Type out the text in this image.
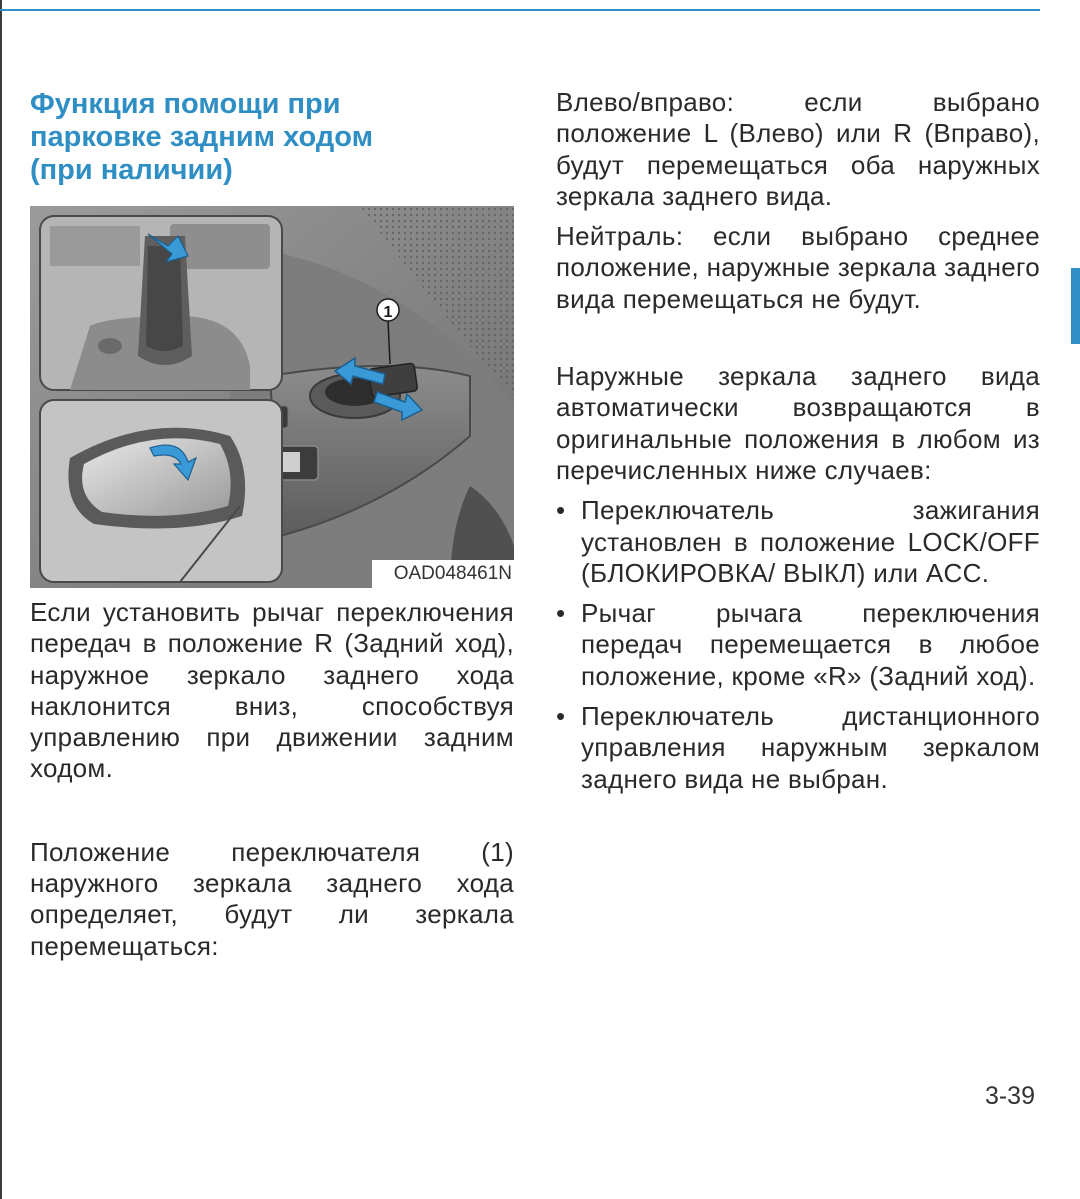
Функция помощи при
парковке задним ходом
(при наличии)
1
OAD048461N

Если установить рычаг переключения передач в положение R (Задний ход), наружное зеркало заднего хода наклонится вниз, способствуя управлению при движении задним ходом.

Положение переключателя (1) наружного зеркала заднего хода определяет, будут ли зеркала перемещаться:

Влево/вправо: если выбрано положение L (Влево) или R (Вправо), будут перемещаться оба наружных зеркала заднего вида.

Нейтраль: если выбрано среднее положение, наружные зеркала заднего вида перемещаться не будут.

Наружные зеркала заднего вида автоматически возвращаются в оригинальные положения в любом из перечисленных ниже случаев:

• Переключатель зажигания установлен в положение LOCK/OFF (БЛОКИРОВКА/ ВЫКЛ) или ACC.
• Рычаг рычага переключения передач перемещается в любое положение, кроме «R» (Задний ход).
• Переключатель дистанционного управления наружным зеркалом заднего вида не выбран.
3-39
